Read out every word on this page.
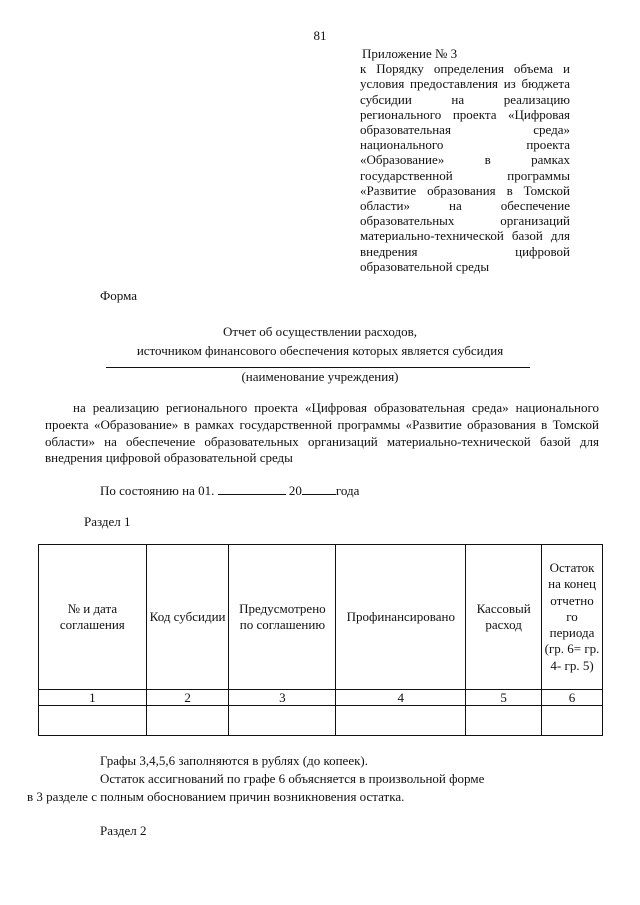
81
Приложение № 3
к Порядку определения объема и условия предоставления из бюджета субсидии на реализацию регионального проекта «Цифровая образовательная среда» национального проекта «Образование» в рамках государственной программы «Развитие образования в Томской области» на обеспечение образовательных организаций материально-технической базой для внедрения цифровой образовательной среды
Форма
Отчет об осуществлении расходов,
источником финансового обеспечения которых является субсидия
(наименование учреждения)
на реализацию регионального проекта «Цифровая образовательная среда» национального проекта «Образование» в рамках государственной программы «Развитие образования в Томской области» на обеспечение образовательных организаций материально-технической базой для внедрения цифровой образовательной среды
По состоянию на 01.	20	года
Раздел 1
№ и дата соглашения	Код субсидии	Предусмотрено по соглашению	Профинансировано	Кассовый расход	Остаток на конец отчетно го периода (гр. 6= гр. 4- гр. 5)
1	2	3	4	5	6

Графы 3,4,5,6 заполняются в рублях (до копеек).
Остаток ассигнований по графе 6 объясняется в произвольной форме
в 3 разделе с полным обоснованием причин возникновения остатка.
Раздел 2
